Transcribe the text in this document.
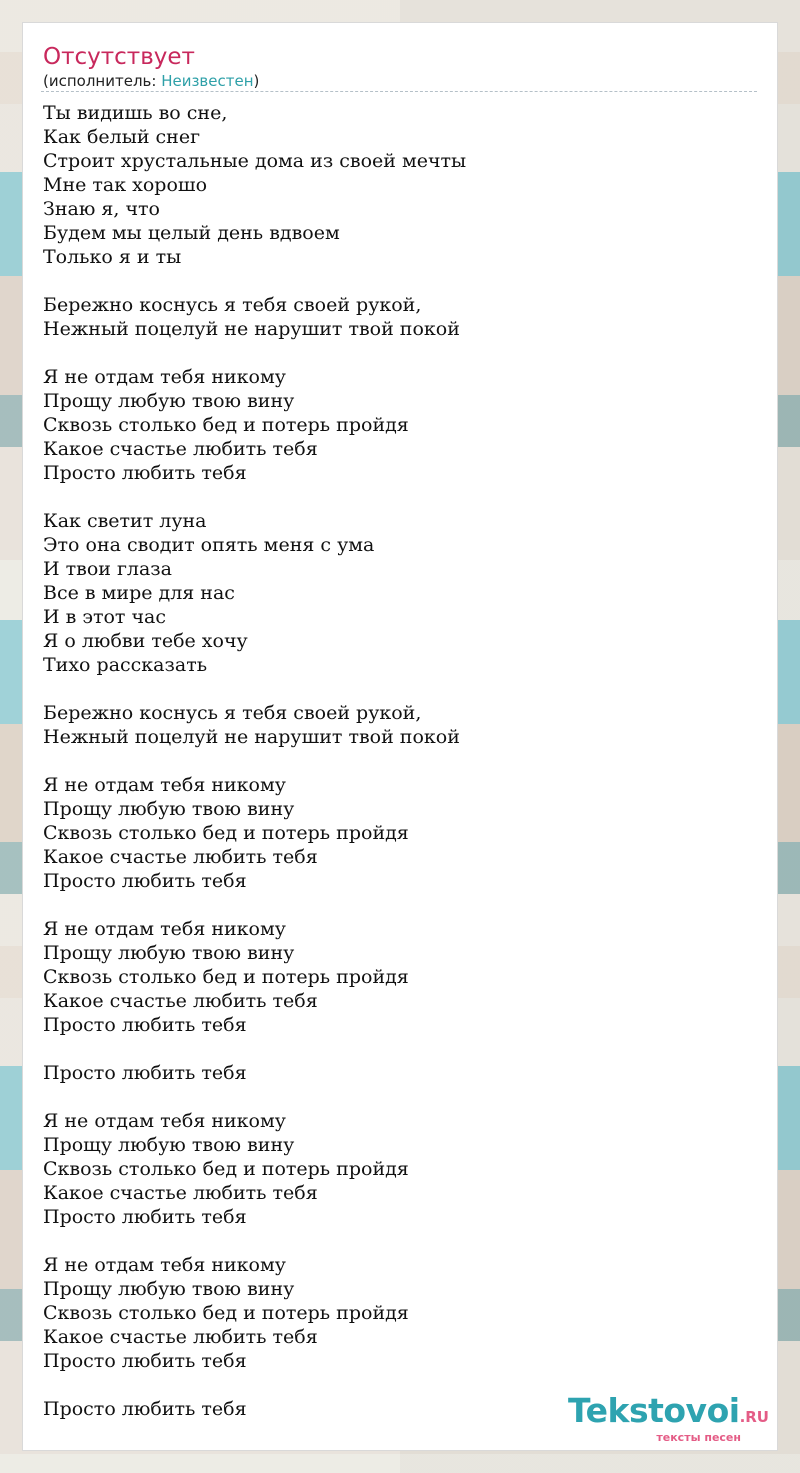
Отсутствует
(исполнитель: Неизвестен)
Ты видишь во сне,
Как белый снег
Строит хрустальные дома из своей мечты
Мне так хорошо
Знаю я, что
Будем мы целый день вдвоем
Только я и ты
Бережно коснусь я тебя своей рукой,
Нежный поцелуй не нарушит твой покой
Я не отдам тебя никому
Прощу любую твою вину
Сквозь столько бед и потерь пройдя
Какое счастье любить тебя
Просто любить тебя
Как светит луна
Это она сводит опять меня с ума
И твои глаза
Все в мире для нас
И в этот час
Я о любви тебе хочу
Тихо рассказать
Бережно коснусь я тебя своей рукой,
Нежный поцелуй не нарушит твой покой
Я не отдам тебя никому
Прощу любую твою вину
Сквозь столько бед и потерь пройдя
Какое счастье любить тебя
Просто любить тебя
Я не отдам тебя никому
Прощу любую твою вину
Сквозь столько бед и потерь пройдя
Какое счастье любить тебя
Просто любить тебя
Просто любить тебя
Я не отдам тебя никому
Прощу любую твою вину
Сквозь столько бед и потерь пройдя
Какое счастье любить тебя
Просто любить тебя
Я не отдам тебя никому
Прощу любую твою вину
Сквозь столько бед и потерь пройдя
Какое счастье любить тебя
Просто любить тебя
Просто любить тебя	Tekstovoi.RU
тексты песен
